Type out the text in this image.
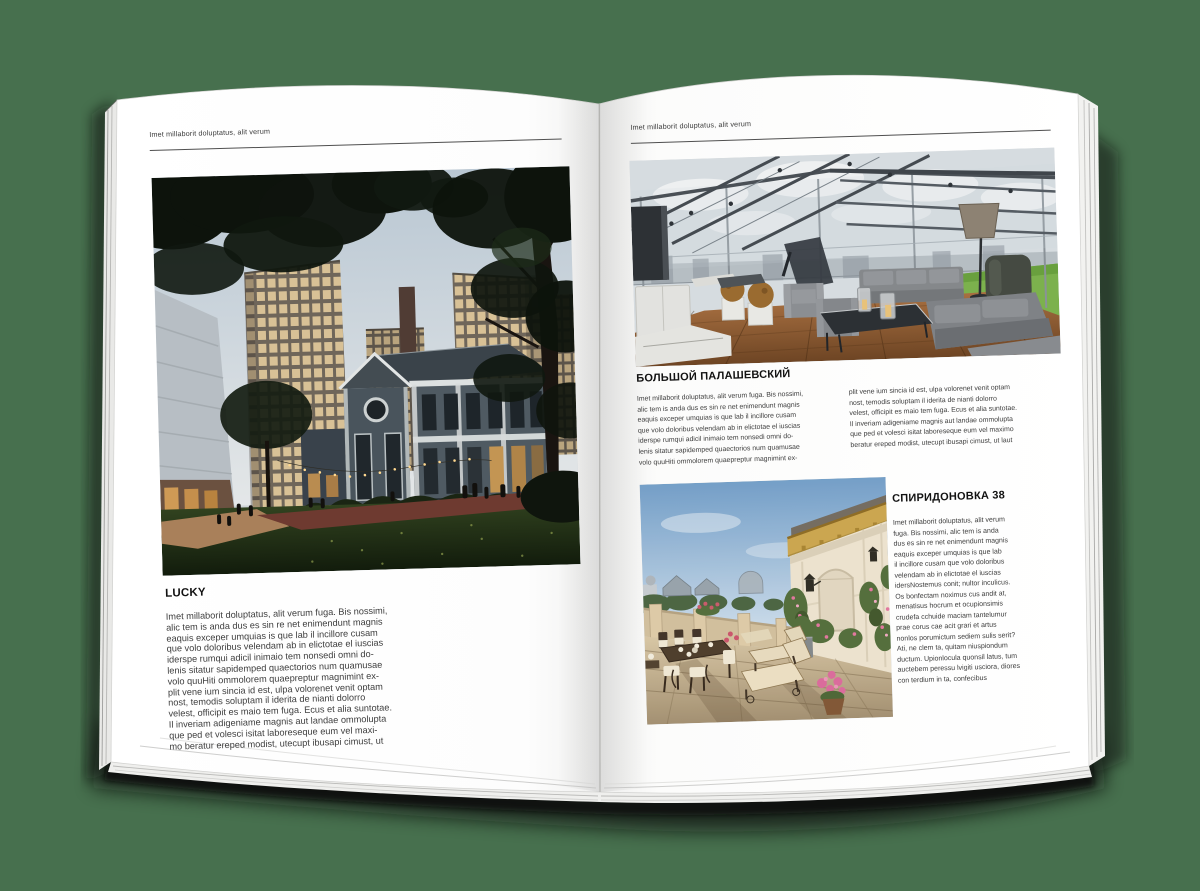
Imet millaborit doluptatus, alit verum
LUCKY

Imet millaborit doluptatus, alit verum fuga. Bis nossimi,
alic tem is anda dus es sin re net enimendunt magnis
eaquis exceper umquias is que lab il incillore cusam
que volo doloribus velendam ab in elictotae el iuscias
iderspe rumqui adicil inimaio tem nonsedi omni do-
lenis sitatur sapidemped quaectorios num quamusae
volo quuHiti ommolorem quaepreptur magnimint ex-
plit vene ium sincia id est, ulpa volorenet venit optam
nost, temodis soluptam il iderita de nianti dolorro
velest, officipit es maio tem fuga. Ecus et alia suntotae.
Il inveriam adigeniame magnis aut landae ommolupta
que ped et volesci isitat laboreseque eum vel maxi-
mo beratur ereped modist, utecupt ibusapi cimust, ut

Imet millaborit doluptatus, alit verum
БОЛЬШОЙ ПАЛАШЕВСКИЙ

Imet millaborit doluptatus, alit verum fuga. Bis nossimi,
alic tem is anda dus es sin re net enimendunt magnis
eaquis exceper umquias is que lab il incillore cusam
que volo doloribus velendam ab in elictotae el iuscias
iderspe rumqui adicil inimaio tem nonsedi omni do-
lenis sitatur sapidemped quaectorios num quamusae
volo quuHiti ommolorem quaepreptur magnimint ex-

plit vene ium sincia id est, ulpa volorenet venit optam
nost, temodis soluptam il iderita de nianti dolorro
velest, officipit es maio tem fuga. Ecus et alia suntotae.
Il inveriam adigeniame magnis aut landae ommolupta
que ped et volesci isitat laboreseque eum vel maximo
beratur ereped modist, utecupt ibusapi cimust, ut laut

СПИРИДОНОВКА 38

Imet millaborit doluptatus, alit verum
fuga. Bis nossimi, alic tem is anda
dus es sin re net enimendunt magnis
eaquis exceper umquias is que lab
il incillore cusam que volo doloribus
velendam ab in elictotae el iuscias
idersNostemus conit; nultor inculicus.
Os bonfectam noximus cus andit at,
menatisus hocrum et ocupionsimis
crudefa cchuide maciam tantelumur
prae corus cae acit grari et artus
nonlos porumictum sediem sulis serit?
Ati, ne clem ta, quitam niuspiondum
ductum. Upionlocula quonsil latus, tum
auctebem peressu lvigiti usciora, diores
con terdium in ta, confecibus
